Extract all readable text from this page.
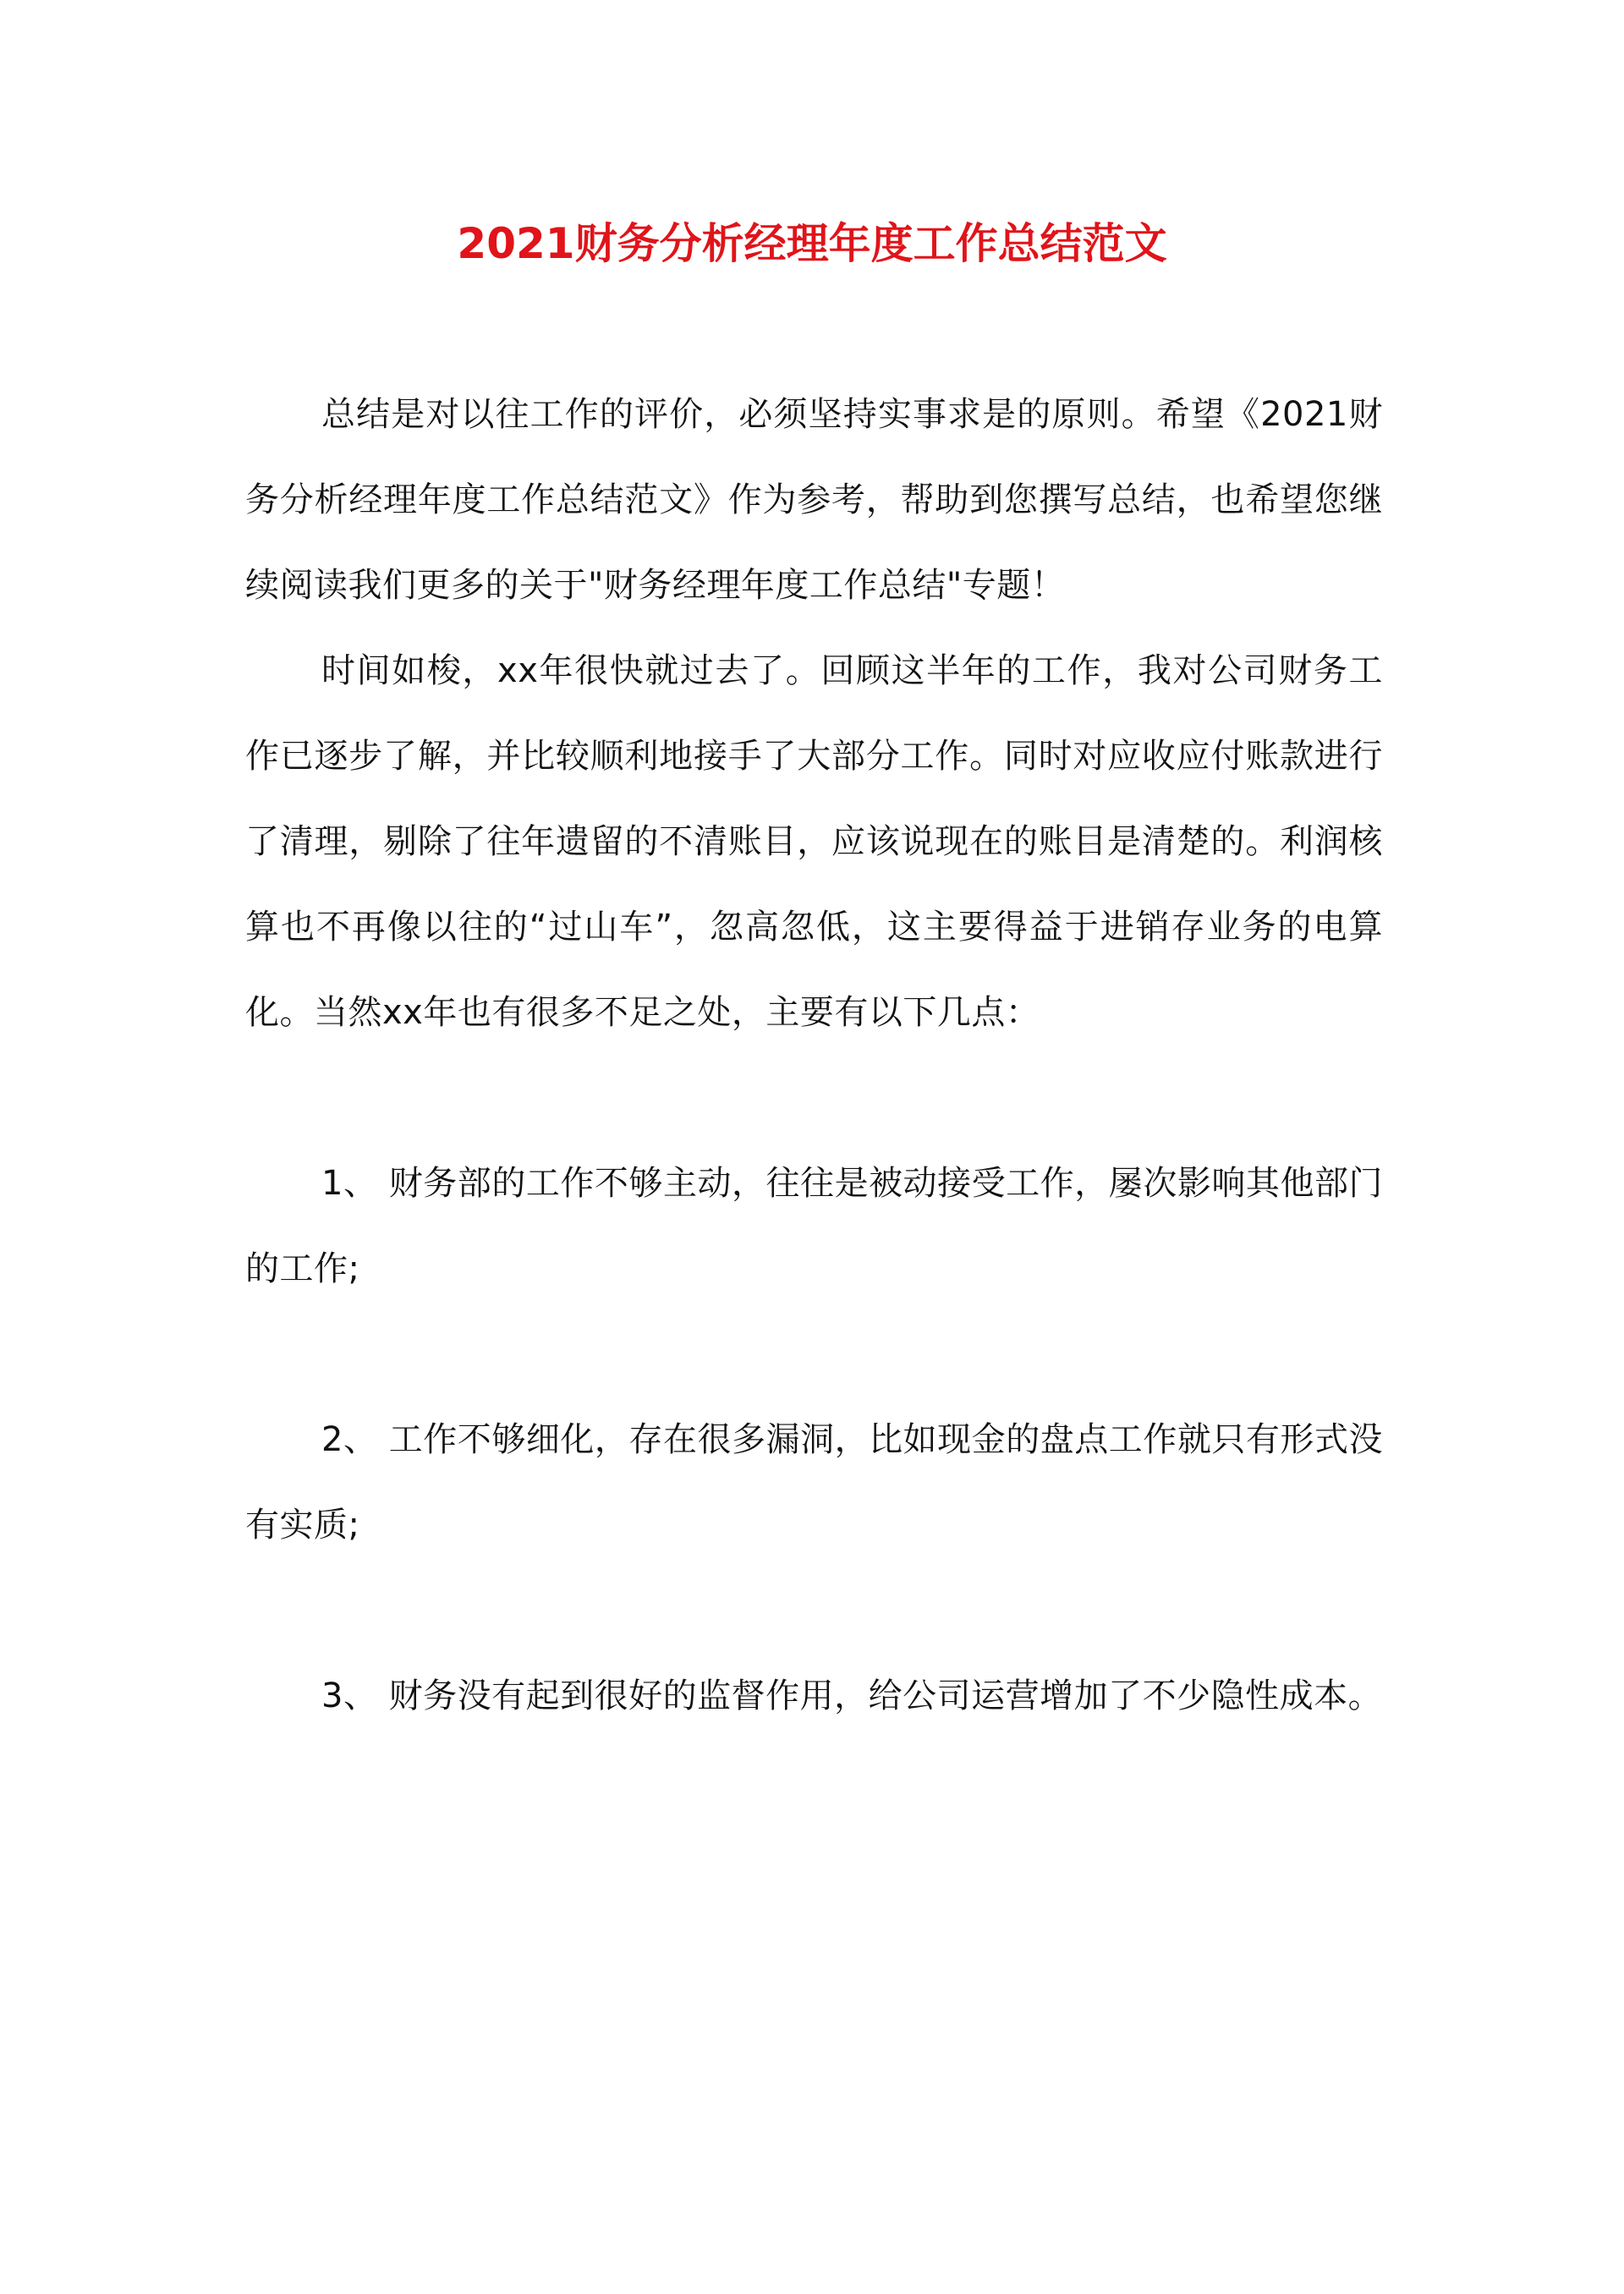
2021财务分析经理年度工作总结范文

总结是对以往工作的评价，必须坚持实事求是的原则。希望《2021财务分析经理年度工作总结范文》作为参考，帮助到您撰写总结，也希望您继续阅读我们更多的关于"财务经理年度工作总结"专题！

时间如梭，xx年很快就过去了。回顾这半年的工作，我对公司财务工作已逐步了解，并比较顺利地接手了大部分工作。同时对应收应付账款进行了清理，剔除了往年遗留的不清账目，应该说现在的账目是清楚的。利润核算也不再像以往的“过山车”，忽高忽低，这主要得益于进销存业务的电算化。当然xx年也有很多不足之处，主要有以下几点：

1、 财务部的工作不够主动，往往是被动接受工作，屡次影响其他部门的工作;

2、 工作不够细化，存在很多漏洞，比如现金的盘点工作就只有形式没有实质;

3、 财务没有起到很好的监督作用，给公司运营增加了不少隐性成本。
